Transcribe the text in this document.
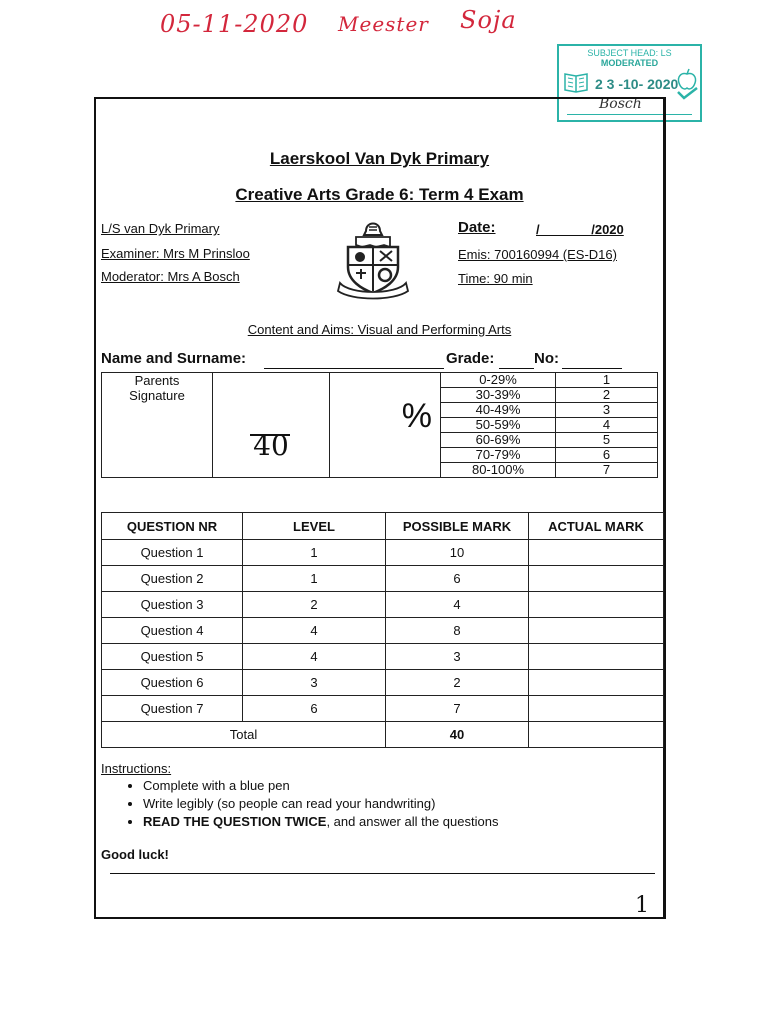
05-11-2020 Meester Soja
SUBJECT HEAD: LS
MODERATED
2 3 -10- 2020
Bosch
Laerskool Van Dyk Primary
Creative Arts Grade 6: Term 4 Exam
L/S van Dyk Primary
Examiner: Mrs M Prinsloo
Moderator: Mrs A Bosch
Date:	/ /2020
Emis: 700160994 (ES-D16)
Time: 90 min
Content and Aims: Visual and Performing Arts
Name and Surname:	Grade:	No:
Parents
Signature	40	%	0-29%	1
			30-39%	2
			40-49%	3
			50-59%	4
			60-69%	5
			70-79%	6
			80-100%	7
QUESTION NR	LEVEL	POSSIBLE MARK	ACTUAL MARK
Question 1	1	10	
Question 2	1	6	
Question 3	2	4	
Question 4	4	8	
Question 5	4	3	
Question 6	3	2	
Question 7	6	7	
Total		40	
Instructions:
• Complete with a blue pen
• Write legibly (so people can read your handwriting)
• READ THE QUESTION TWICE, and answer all the questions
Good luck!
1
